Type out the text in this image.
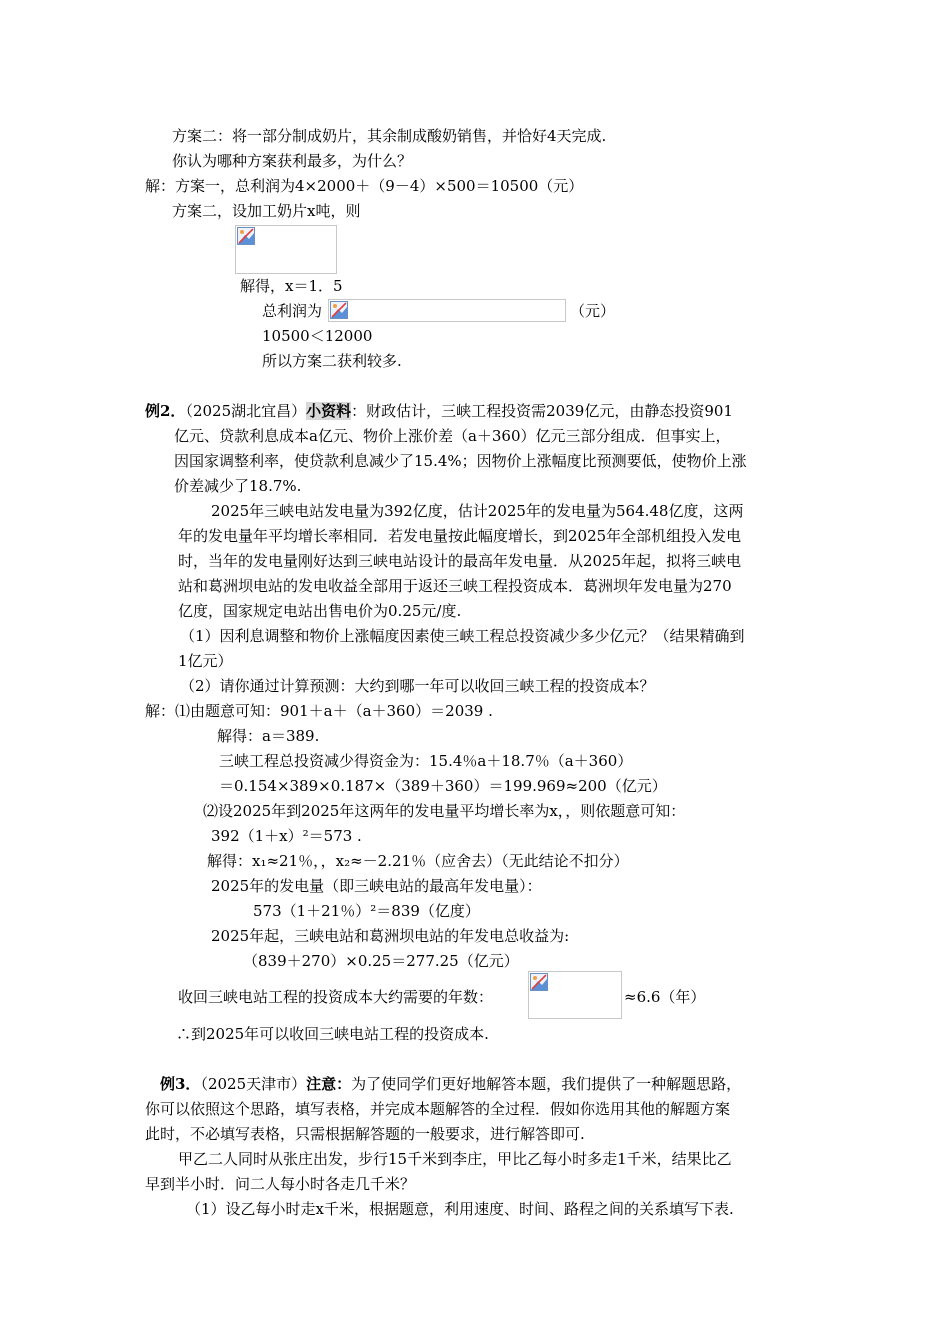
方案二：将一部分制成奶片，其余制成酸奶销售，并恰好4天完成.
你认为哪种方案获利最多，为什么？
解：方案一，总利润为4×2000＋（9－4）×500＝10500（元）
方案二，设加工奶片x吨，则
解得，x＝1．5
总利润为	（元）
10500＜12000
所以方案二获利较多.
例2．（2025湖北宜昌）小资料：财政估计，三峡工程投资需2039亿元，由静态投资901
亿元、贷款利息成本a亿元、物价上涨价差（a＋360）亿元三部分组成．但事实上，
因国家调整利率，使贷款利息减少了15.4%；因物价上涨幅度比预测要低，使物价上涨
价差减少了18.7%.
2025年三峡电站发电量为392亿度，估计2025年的发电量为564.48亿度，这两
年的发电量年平均增长率相同．若发电量按此幅度增长，到2025年全部机组投入发电
时，当年的发电量刚好达到三峡电站设计的最高年发电量．从2025年起，拟将三峡电
站和葛洲坝电站的发电收益全部用于返还三峡工程投资成本．葛洲坝年发电量为270
亿度，国家规定电站出售电价为0.25元/度.
（1）因利息调整和物价上涨幅度因素使三峡工程总投资减少多少亿元？（结果精确到
1亿元）
（2）请你通过计算预测：大约到哪一年可以收回三峡工程的投资成本？
解：⑴由题意可知：901＋a＋（a＋360）＝2039 .
解得：a＝389.
三峡工程总投资减少得资金为：15.4％a＋18.7％（a＋360）
＝0.154×389×0.187×（389＋360）＝199.969≈200（亿元）
⑵设2025年到2025年这两年的发电量平均增长率为x，，则依题意可知：
392（1＋x）²＝573 .
解得：x₁≈21％，，x₂≈－2.21％（应舍去）（无此结论不扣分）
2025年的发电量（即三峡电站的最高年发电量）：
573（1＋21％）²＝839（亿度）
2025年起，三峡电站和葛洲坝电站的年发电总收益为:
（839＋270）×0.25＝277.25（亿元）
收回三峡电站工程的投资成本大约需要的年数：	≈6.6（年）
∴到2025年可以收回三峡电站工程的投资成本.
例3．（2025天津市）注意：为了使同学们更好地解答本题，我们提供了一种解题思路，
你可以依照这个思路，填写表格，并完成本题解答的全过程．假如你选用其他的解题方案
此时，不必填写表格，只需根据解答题的一般要求，进行解答即可.
甲乙二人同时从张庄出发，步行15千米到李庄，甲比乙每小时多走1千米，结果比乙
早到半小时．问二人每小时各走几千米？
（1）设乙每小时走x千米，根据题意，利用速度、时间、路程之间的关系填写下表.
